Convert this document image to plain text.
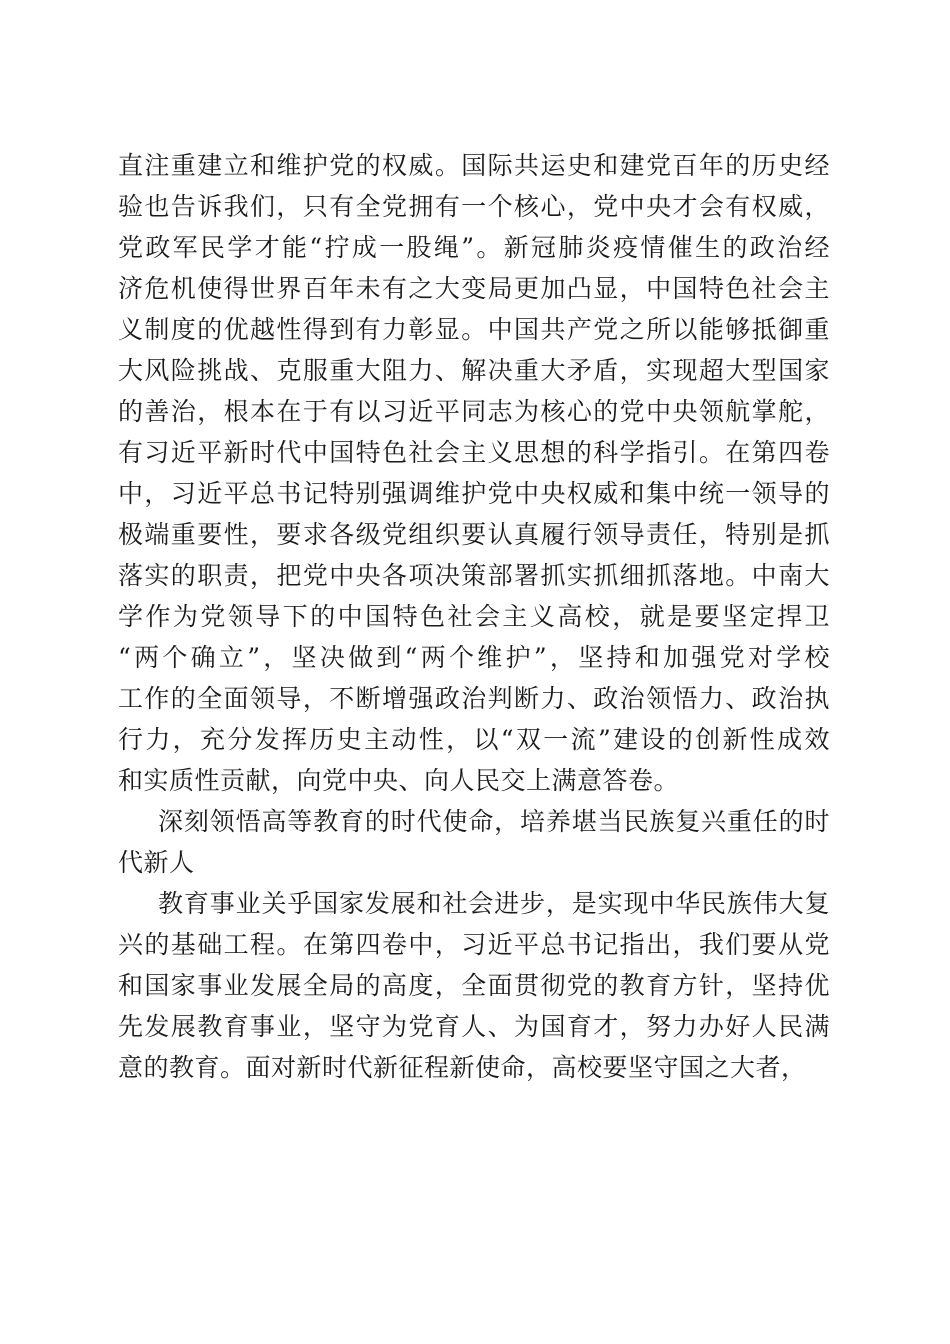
直注重建立和维护党的权威。国际共运史和建党百年的历史经
验也告诉我们，只有全党拥有一个核心，党中央才会有权威，
党政军民学才能“拧成一股绳”。新冠肺炎疫情催生的政治经
济危机使得世界百年未有之大变局更加凸显，中国特色社会主
义制度的优越性得到有力彰显。中国共产党之所以能够抵御重
大风险挑战、克服重大阻力、解决重大矛盾，实现超大型国家
的善治，根本在于有以习近平同志为核心的党中央领航掌舵，
有习近平新时代中国特色社会主义思想的科学指引。在第四卷
中，习近平总书记特别强调维护党中央权威和集中统一领导的
极端重要性，要求各级党组织要认真履行领导责任，特别是抓
落实的职责，把党中央各项决策部署抓实抓细抓落地。中南大
学作为党领导下的中国特色社会主义高校，就是要坚定捍卫
“两个确立”，坚决做到“两个维护”，坚持和加强党对学校
工作的全面领导，不断增强政治判断力、政治领悟力、政治执
行力，充分发挥历史主动性，以“双一流”建设的创新性成效
和实质性贡献，向党中央、向人民交上满意答卷。
深刻领悟高等教育的时代使命，培养堪当民族复兴重任的时
代新人
教育事业关乎国家发展和社会进步，是实现中华民族伟大复
兴的基础工程。在第四卷中，习近平总书记指出，我们要从党
和国家事业发展全局的高度，全面贯彻党的教育方针，坚持优
先发展教育事业，坚守为党育人、为国育才，努力办好人民满
意的教育。面对新时代新征程新使命，高校要坚守国之大者，
